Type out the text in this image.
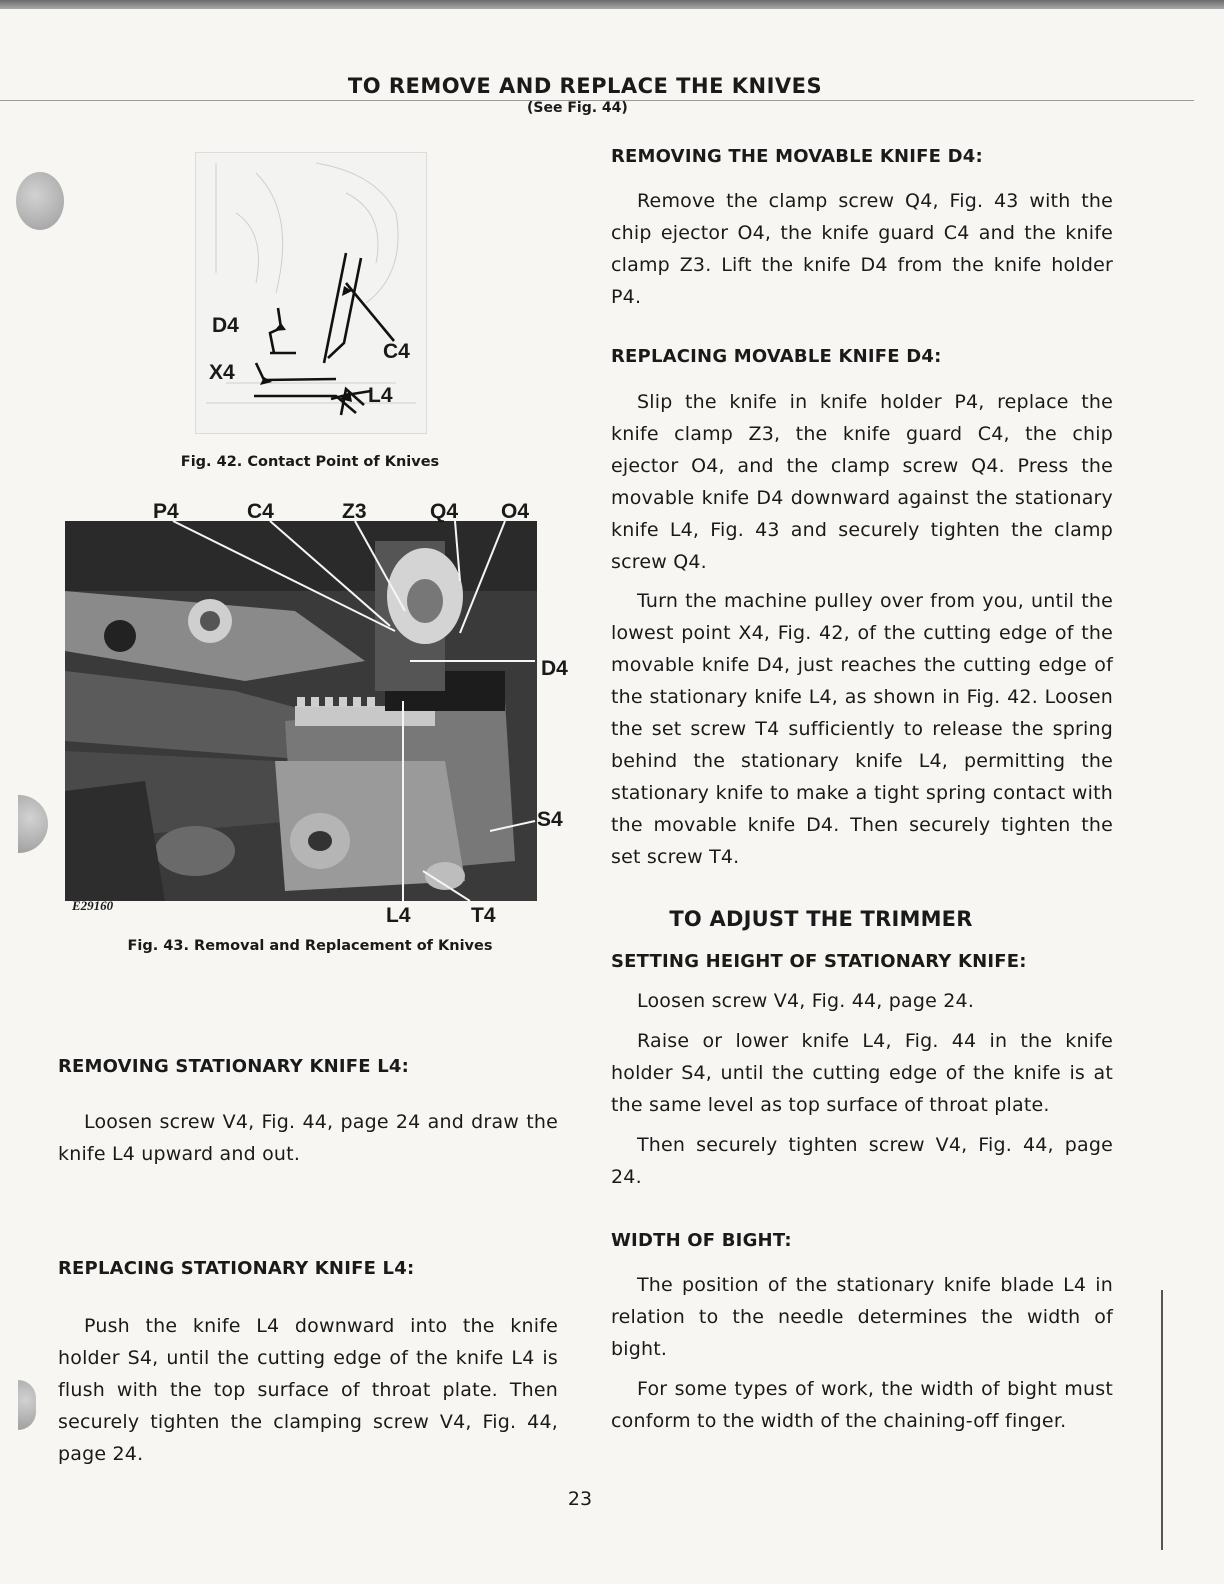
TO REMOVE AND REPLACE THE KNIVES
(See Fig. 44)
D4
C4
X4
L4
Fig. 42. Contact Point of Knives
P4	C4	Z3	Q4 O4
D4
S4
L4	T4
E29160
Fig. 43. Removal and Replacement of Knives
REMOVING STATIONARY KNIFE L4:

Loosen screw V4, Fig. 44, page 24 and draw the knife L4 upward and out.

REPLACING STATIONARY KNIFE L4:

Push the knife L4 downward into the knife holder S4, until the cutting edge of the knife L4 is flush with the top surface of throat plate. Then securely tighten the clamping screw V4, Fig. 44, page 24.

REMOVING THE MOVABLE KNIFE D4:

Remove the clamp screw Q4, Fig. 43 with the chip ejector O4, the knife guard C4 and the knife clamp Z3. Lift the knife D4 from the knife holder P4.

REPLACING MOVABLE KNIFE D4:

Slip the knife in knife holder P4, replace the knife clamp Z3, the knife guard C4, the chip ejector O4, and the clamp screw Q4. Press the movable knife D4 downward against the stationary knife L4, Fig. 43 and securely tighten the clamp screw Q4.

Turn the machine pulley over from you, until the lowest point X4, Fig. 42, of the cutting edge of the movable knife D4, just reaches the cutting edge of the stationary knife L4, as shown in Fig. 42. Loosen the set screw T4 sufficiently to release the spring behind the stationary knife L4, permitting the stationary knife to make a tight spring contact with the movable knife D4. Then securely tighten the set screw T4.

TO ADJUST THE TRIMMER
SETTING HEIGHT OF STATIONARY KNIFE:

Loosen screw V4, Fig. 44, page 24.

Raise or lower knife L4, Fig. 44 in the knife holder S4, until the cutting edge of the knife is at the same level as top surface of throat plate.

Then securely tighten screw V4, Fig. 44, page 24.

WIDTH OF BIGHT:

The position of the stationary knife blade L4 in relation to the needle determines the width of bight.

For some types of work, the width of bight must conform to the width of the chaining-off finger.

23
